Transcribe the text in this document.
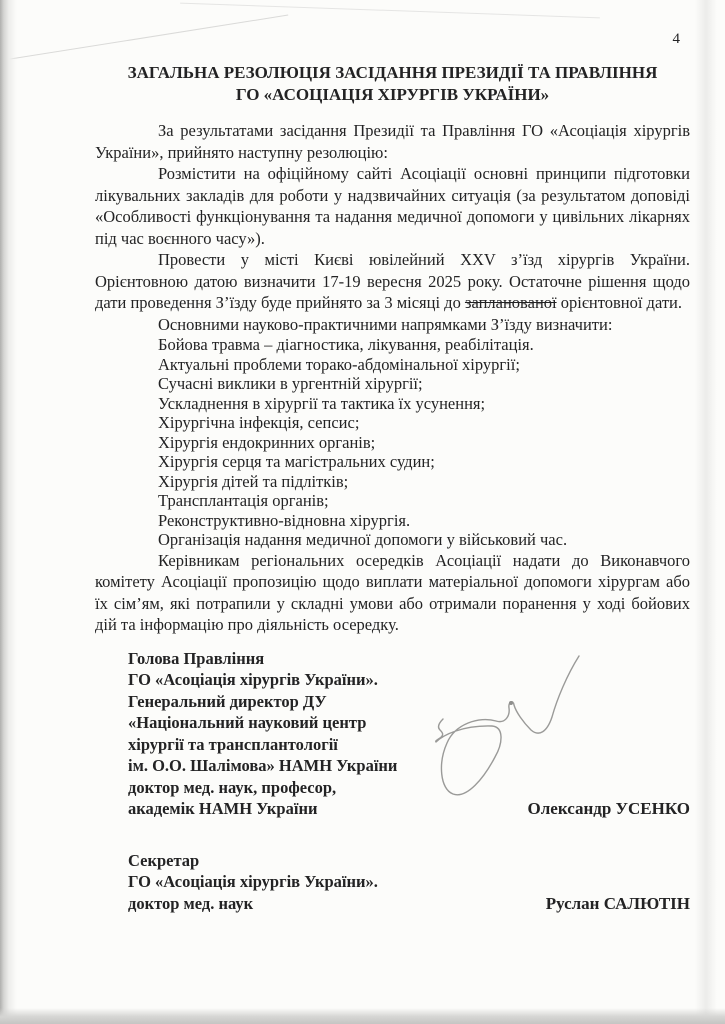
4
ЗАГАЛЬНА РЕЗОЛЮЦІЯ ЗАСІДАННЯ ПРЕЗИДІЇ ТА ПРАВЛІННЯ
ГО «АСОЦІАЦІЯ ХІРУРГІВ УКРАЇНИ»

За результатами засідання Президії та Правління ГО «Асоціація хірургів України», прийнято наступну резолюцію:

Розмістити на офіційному сайті Асоціації основні принципи підготовки лікувальних закладів для роботи у надзвичайних ситуація (за результатом доповіді «Особливості функціонування та надання медичної допомоги у цивільних лікарнях під час воєнного часу»).

Провести у місті Києві ювілейний XXV з’їзд хірургів України. Орієнтовною датою визначити 17-19 вересня 2025 року. Остаточне рішення щодо дати проведення З’їзду буде прийнято за 3 місяці до запланованої орієнтовної дати.

Основними науково-практичними напрямками З’їзду визначити:

Бойова травма – діагностика, лікування, реабілітація.
Актуальні проблеми торако-абдомінальної хірургії;
Сучасні виклики в ургентній хірургії;
Ускладнення в хірургії та тактика їх усунення;
Хірургічна інфекція, сепсис;
Хірургія ендокринних органів;
Хірургія серця та магістральних судин;
Хірургія дітей та підлітків;
Трансплантація органів;
Реконструктивно-відновна хірургія.
Організація надання медичної допомоги у військовий час.

Керівникам регіональних осередків Асоціації надати до Виконавчого комітету Асоціації пропозицію щодо виплати матеріальної допомоги хірургам або їх сім’ям, які потрапили у складні умови або отримали поранення у ході бойових дій та інформацію про діяльність осередку.

Голова Правління
ГО «Асоціація хірургів України».
Генеральний директор ДУ
«Національний науковий центр
хірургії та трансплантології
ім. О.О. Шалімова» НАМН України
доктор мед. наук, професор,
академік НАМН України	Олександр УСЕНКО
Секретар
ГО «Асоціація хірургів України».
доктор мед. наук	Руслан САЛЮТІН
